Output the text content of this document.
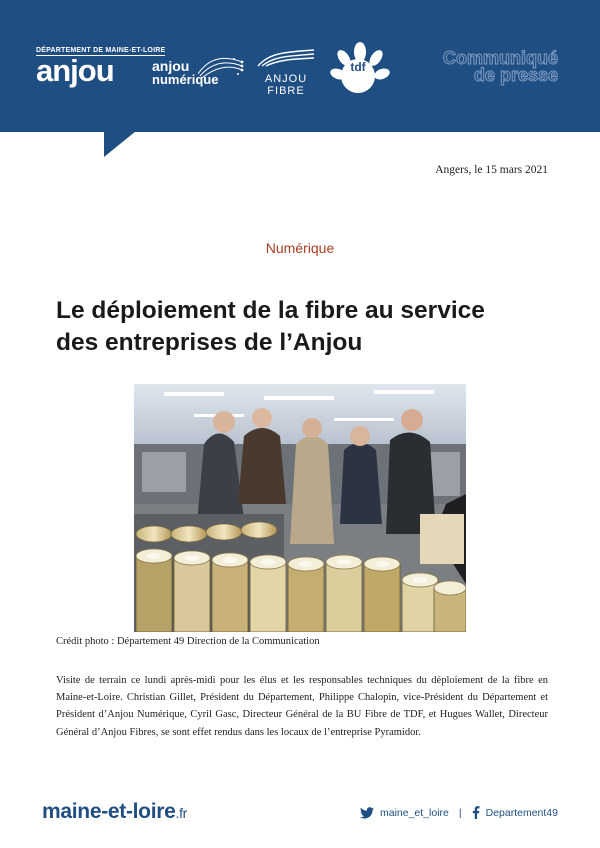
DÉPARTEMENT DE MAINE-ET-LOIRE
anjou	anjou
numérique	ANJOU
FIBRE
tdf	Communiqué
de presse
Angers, le 15 mars 2021
Numérique
Le déploiement de la fibre au service
des entreprises de l’Anjou
Crédit photo : Département 49 Direction de la Communication
Visite de terrain ce lundi après-midi pour les élus et les responsables techniques du déploiement de la fibre en Maine-et-Loire. Christian Gillet, Président du Département, Philippe Chalopin, vice-Président du Département et Président d’Anjou Numérique, Cyril Gasc, Directeur Général de la BU Fibre de TDF, et Hugues Wallet, Directeur Général d’Anjou Fibres, se sont effet rendus dans les locaux de l’entreprise Pyramidor.
maine-et-loire.fr	maine_et_loire | Departement49
